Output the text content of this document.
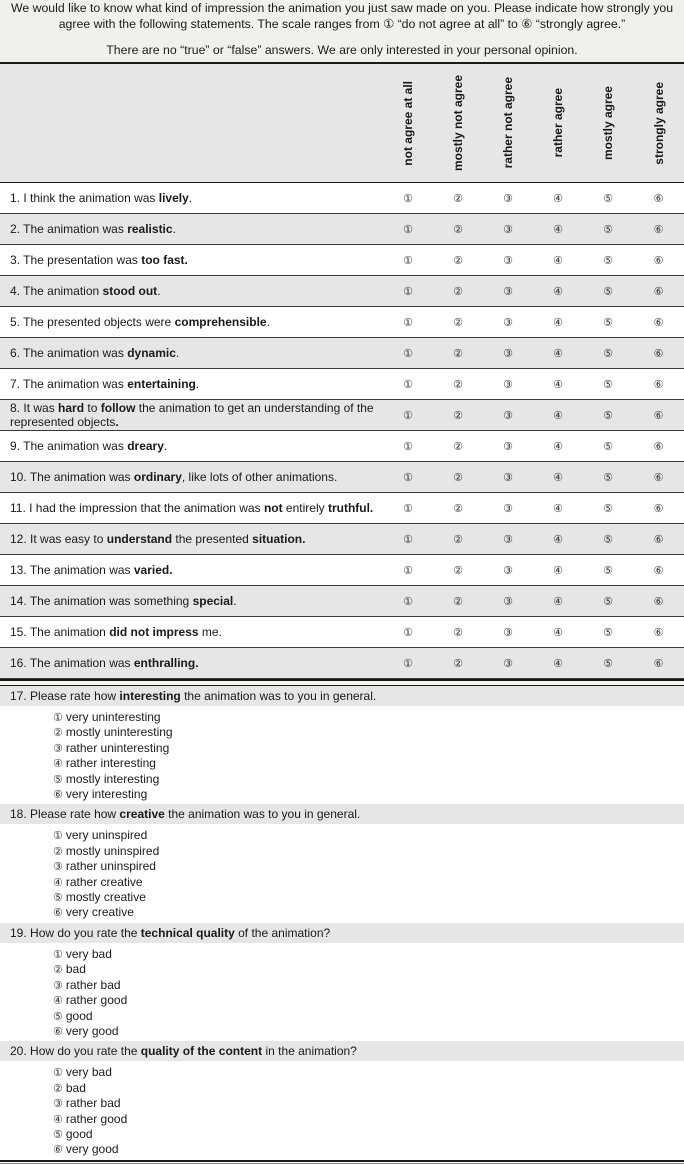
We would like to know what kind of impression the animation you just saw made on you. Please indicate how strongly you agree with the following statements. The scale ranges from ① “do not agree at all” to ⑥ “strongly agree.”

There are no “true” or “false” answers. We are only interested in your personal opinion.

	not agree at all	mostly not agree	rather not agree	rather agree	mostly agree	strongly agree

1. I think the animation was lively.	①	②	③	④	⑤	⑥
2. The animation was realistic.	①	②	③	④	⑤	⑥
3. The presentation was too fast.	①	②	③	④	⑤	⑥
4. The animation stood out.	①	②	③	④	⑤	⑥
5. The presented objects were comprehensible.	①	②	③	④	⑤	⑥
6. The animation was dynamic.	①	②	③	④	⑤	⑥
7. The animation was entertaining.	①	②	③	④	⑤	⑥
8. It was hard to follow the animation to get an understanding of the represented objects.	①	②	③	④	⑤	⑥
9. The animation was dreary.	①	②	③	④	⑤	⑥
10. The animation was ordinary, like lots of other animations.	①	②	③	④	⑤	⑥
11. I had the impression that the animation was not entirely truthful.	①	②	③	④	⑤	⑥
12. It was easy to understand the presented situation.	①	②	③	④	⑤	⑥
13. The animation was varied.	①	②	③	④	⑤	⑥
14. The animation was something special.	①	②	③	④	⑤	⑥
15. The animation did not impress me.	①	②	③	④	⑤	⑥
16. The animation was enthralling.	①	②	③	④	⑤	⑥
17. Please rate how interesting the animation was to you in general.
① very uninteresting
② mostly uninteresting
③ rather uninteresting
④ rather interesting
⑤ mostly interesting
⑥ very interesting
18. Please rate how creative the animation was to you in general.
① very uninspired
② mostly uninspired
③ rather uninspired
④ rather creative
⑤ mostly creative
⑥ very creative
19. How do you rate the technical quality of the animation?
① very bad
② bad
③ rather bad
④ rather good
⑤ good
⑥ very good
20. How do you rate the quality of the content in the animation?
① very bad
② bad
③ rather bad
④ rather good
⑤ good
⑥ very good
